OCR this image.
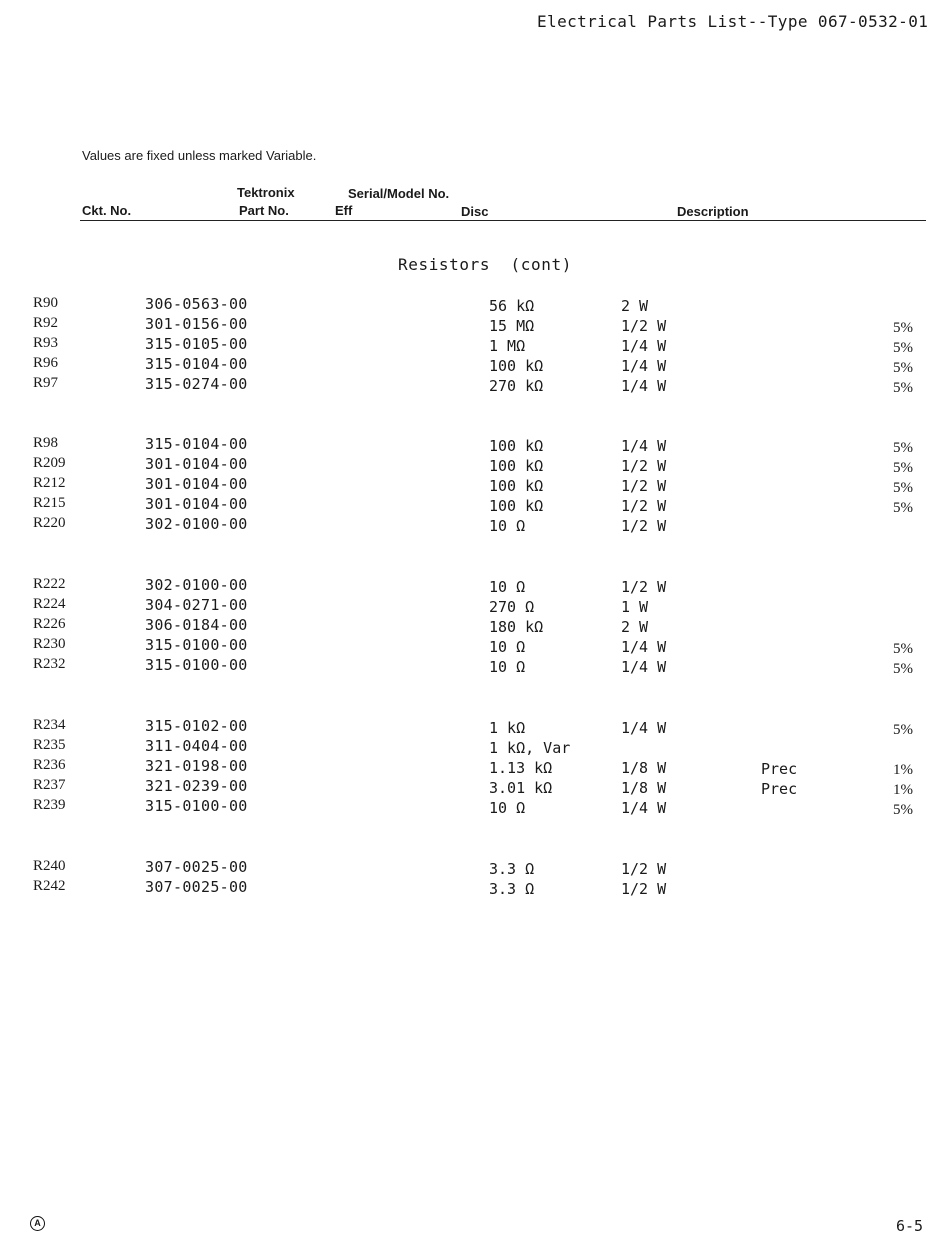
Electrical Parts List--Type 067-0532-01
Values are fixed unless marked Variable.
Tektronix	Serial/Model No.
Ckt. No.	Part No.	Eff	Disc	Description
Resistors  (cont)
R90	306-0563-00	56 kΩ	2 W
R92	301-0156-00	15 MΩ	1/2 W	5%
R93	315-0105-00	1 MΩ	1/4 W	5%
R96	315-0104-00	100 kΩ	1/4 W	5%
R97	315-0274-00	270 kΩ	1/4 W	5%
R98	315-0104-00	100 kΩ	1/4 W	5%
R209	301-0104-00	100 kΩ	1/2 W	5%
R212	301-0104-00	100 kΩ	1/2 W	5%
R215	301-0104-00	100 kΩ	1/2 W	5%
R220	302-0100-00	10 Ω	1/2 W
R222	302-0100-00	10 Ω	1/2 W
R224	304-0271-00	270 Ω	1 W
R226	306-0184-00	180 kΩ	2 W
R230	315-0100-00	10 Ω	1/4 W	5%
R232	315-0100-00	10 Ω	1/4 W	5%
R234	315-0102-00	1 kΩ	1/4 W	5%
R235	311-0404-00	1 kΩ, Var
R236	321-0198-00	1.13 kΩ	1/8 W	Prec	1%
R237	321-0239-00	3.01 kΩ	1/8 W	Prec	1%
R239	315-0100-00	10 Ω	1/4 W	5%
R240	307-0025-00	3.3 Ω	1/2 W
R242	307-0025-00	3.3 Ω	1/2 W
A	6-5
